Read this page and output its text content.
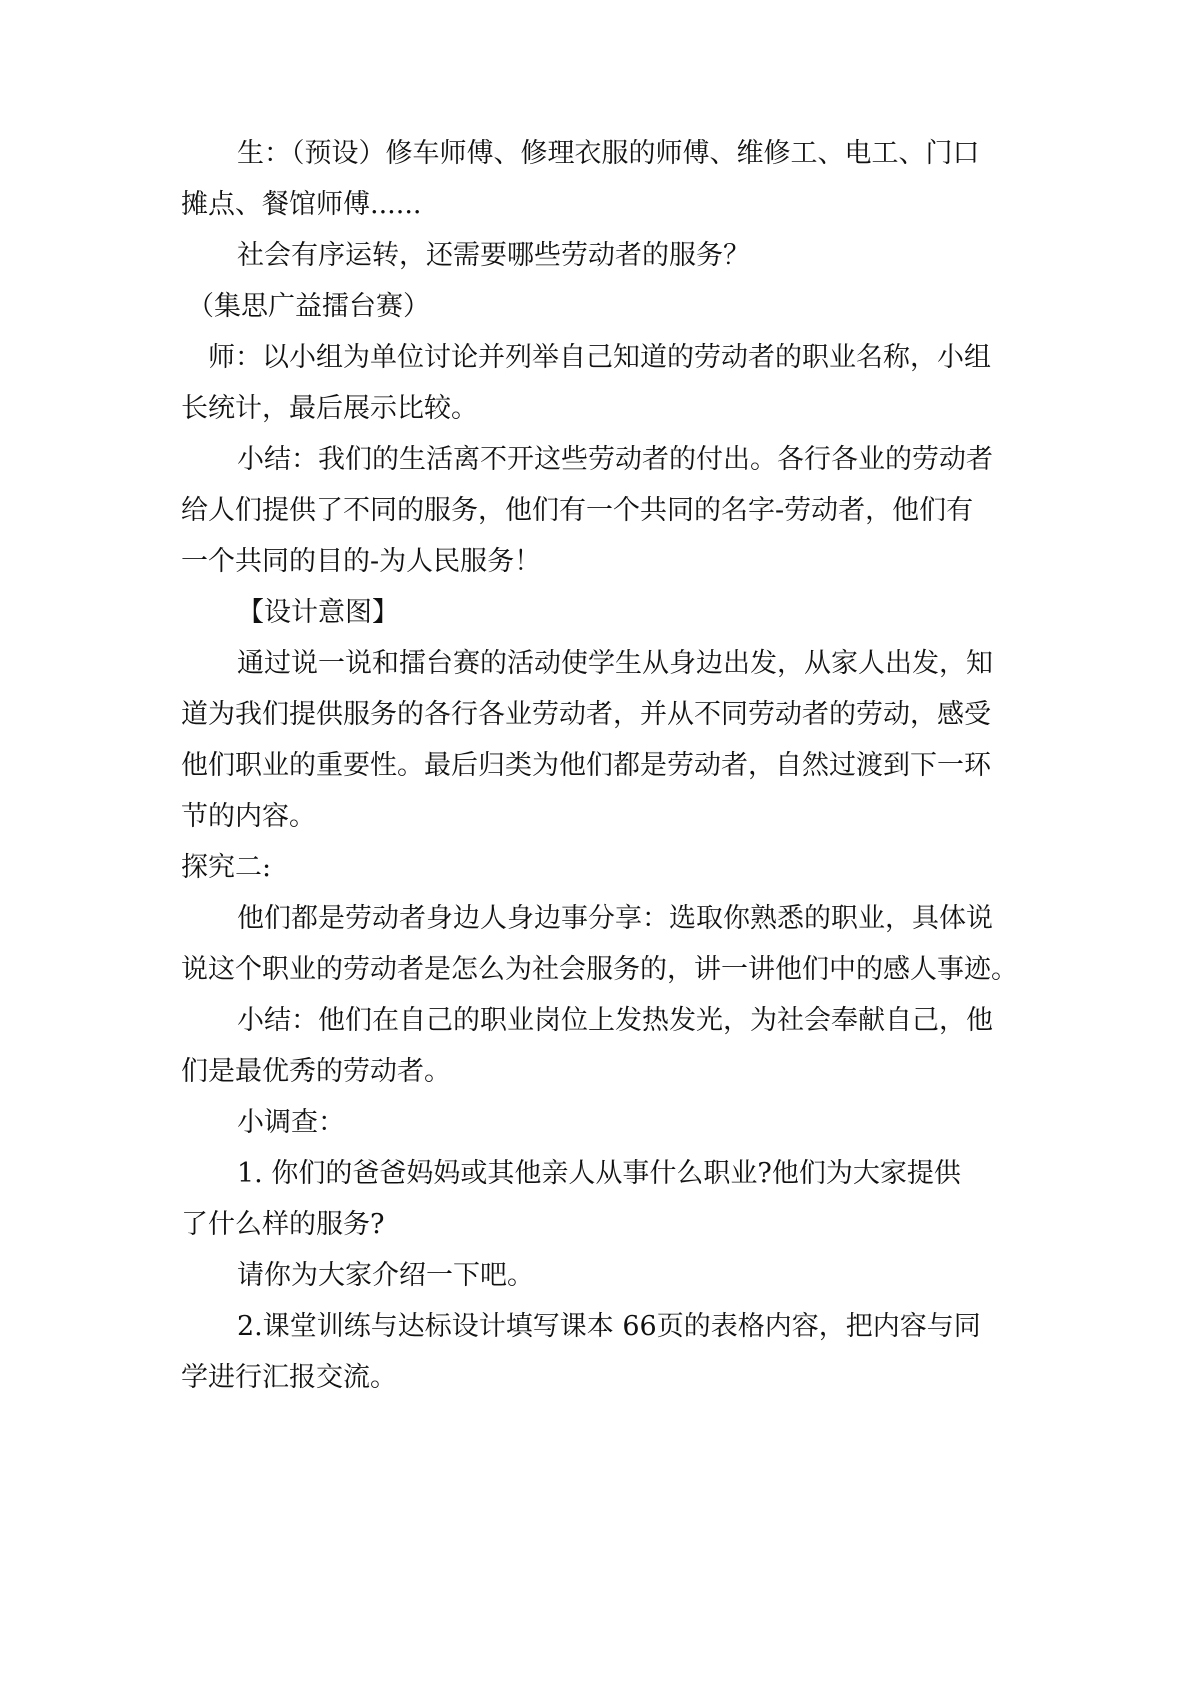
生：（预设）修车师傅、修理衣服的师傅、维修工、电工、门口
摊点、餐馆师傅......
社会有序运转，还需要哪些劳动者的服务？
（集思广益擂台赛）
师：以小组为单位讨论并列举自己知道的劳动者的职业名称，小组
长统计，最后展示比较。
小结：我们的生活离不开这些劳动者的付出。各行各业的劳动者
给人们提供了不同的服务，他们有一个共同的名字-劳动者，他们有
一个共同的目的-为人民服务！
【设计意图】
通过说一说和擂台赛的活动使学生从身边出发，从家人出发，知
道为我们提供服务的各行各业劳动者，并从不同劳动者的劳动，感受
他们职业的重要性。最后归类为他们都是劳动者，自然过渡到下一环
节的内容。
探究二:
他们都是劳动者身边人身边事分享：选取你熟悉的职业，具体说
说这个职业的劳动者是怎么为社会服务的，讲一讲他们中的感人事迹。
小结：他们在自己的职业岗位上发热发光，为社会奉献自己，他
们是最优秀的劳动者。
小调查：
1. 你们的爸爸妈妈或其他亲人从事什么职业?他们为大家提供
了什么样的服务?
请你为大家介绍一下吧。
2.课堂训练与达标设计填写课本 66页的表格内容，把内容与同
学进行汇报交流。
